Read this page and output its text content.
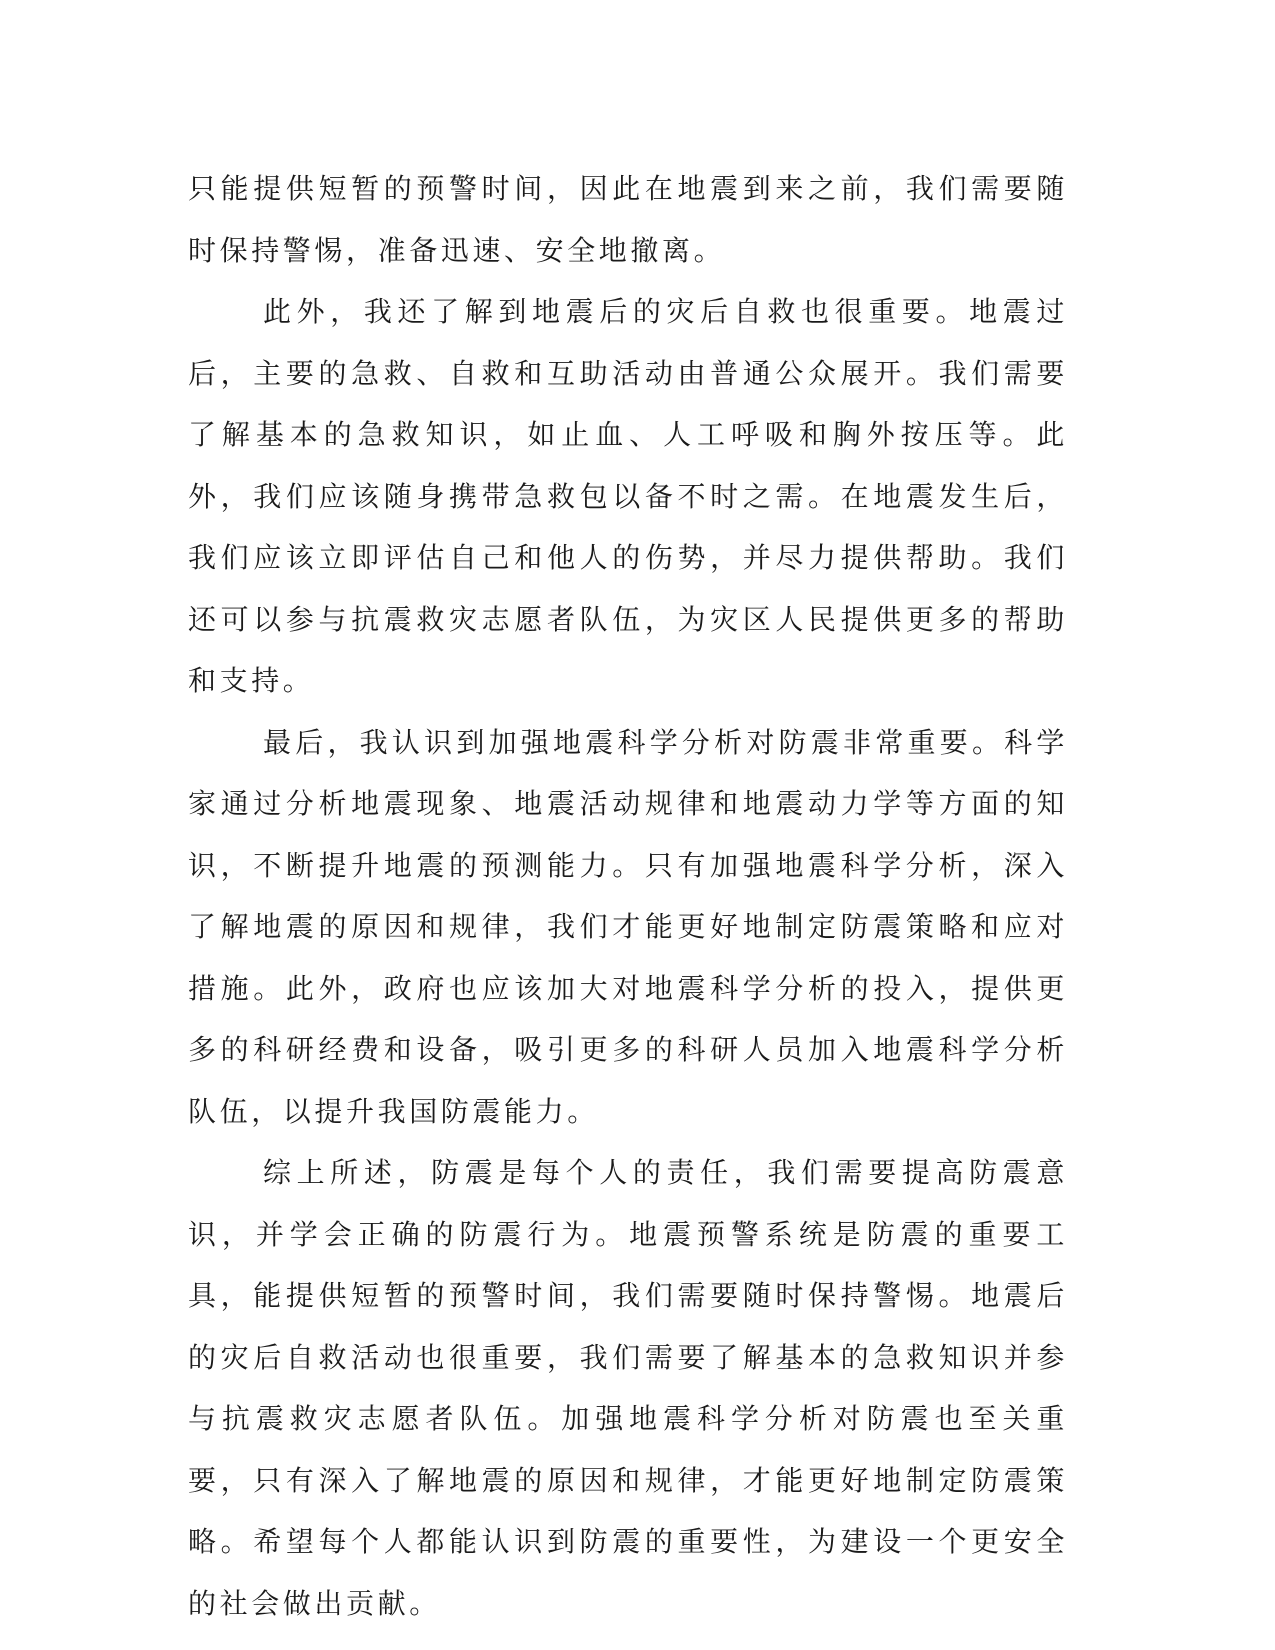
只能提供短暂的预警时间，因此在地震到来之前，我们需要随时保持警惕，准备迅速、安全地撤离。

此外，我还了解到地震后的灾后自救也很重要。地震过后，主要的急救、自救和互助活动由普通公众展开。我们需要了解基本的急救知识，如止血、人工呼吸和胸外按压等。此外，我们应该随身携带急救包以备不时之需。在地震发生后，我们应该立即评估自己和他人的伤势，并尽力提供帮助。我们还可以参与抗震救灾志愿者队伍，为灾区人民提供更多的帮助和支持。

最后，我认识到加强地震科学分析对防震非常重要。科学家通过分析地震现象、地震活动规律和地震动力学等方面的知识，不断提升地震的预测能力。只有加强地震科学分析，深入了解地震的原因和规律，我们才能更好地制定防震策略和应对措施。此外，政府也应该加大对地震科学分析的投入，提供更多的科研经费和设备，吸引更多的科研人员加入地震科学分析队伍，以提升我国防震能力。

综上所述，防震是每个人的责任，我们需要提高防震意识，并学会正确的防震行为。地震预警系统是防震的重要工具，能提供短暂的预警时间，我们需要随时保持警惕。地震后的灾后自救活动也很重要，我们需要了解基本的急救知识并参与抗震救灾志愿者队伍。加强地震科学分析对防震也至关重要，只有深入了解地震的原因和规律，才能更好地制定防震策略。希望每个人都能认识到防震的重要性，为建设一个更安全的社会做出贡献。
